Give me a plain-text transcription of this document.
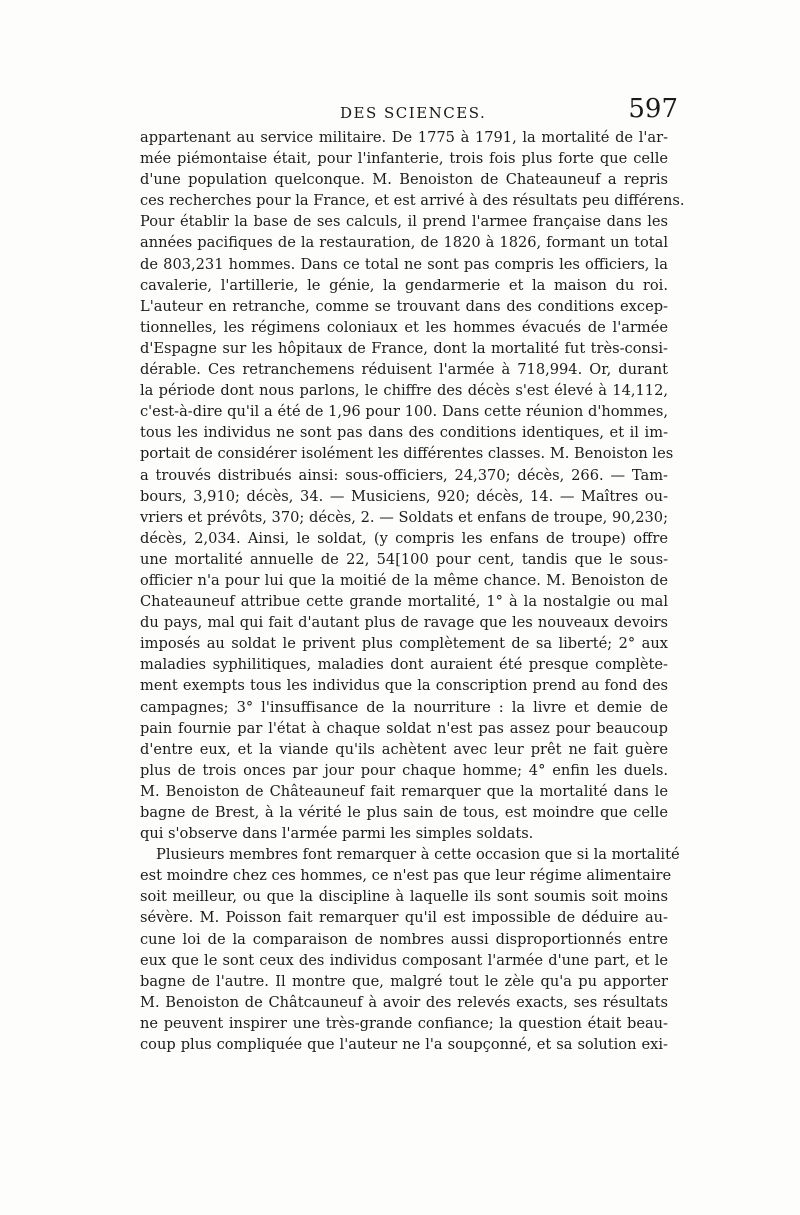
DES SCIENCES.	597
appartenant au service militaire. De 1775 à 1791, la mortalité de l'ar-
mée piémontaise était, pour l'infanterie, trois fois plus forte que celle
d'une population quelconque. M. Benoiston de Chateauneuf a repris
ces recherches pour la France, et est arrivé à des résultats peu différens.
Pour établir la base de ses calculs, il prend l'armee française dans les
années pacifiques de la restauration, de 1820 à 1826, formant un total
de 803,231 hommes. Dans ce total ne sont pas compris les officiers, la
cavalerie, l'artillerie, le génie, la gendarmerie et la maison du roi.
L'auteur en retranche, comme se trouvant dans des conditions excep-
tionnelles, les régimens coloniaux et les hommes évacués de l'armée
d'Espagne sur les hôpitaux de France, dont la mortalité fut très-consi-
dérable. Ces retranchemens réduisent l'armée à 718,994. Or, durant
la période dont nous parlons, le chiffre des décès s'est élevé à 14,112,
c'est-à-dire qu'il a été de 1,96 pour 100. Dans cette réunion d'hommes,
tous les individus ne sont pas dans des conditions identiques, et il im-
portait de considérer isolément les différentes classes. M. Benoiston les
a trouvés distribués ainsi: sous-officiers, 24,370; décès, 266. — Tam-
bours, 3,910; décès, 34. — Musiciens, 920; décès, 14. — Maîtres ou-
vriers et prévôts, 370; décès, 2. — Soldats et enfans de troupe, 90,230;
décès, 2,034. Ainsi, le soldat, (y compris les enfans de troupe) offre
une mortalité annuelle de 22, 54[100 pour cent, tandis que le sous-
officier n'a pour lui que la moitié de la même chance. M. Benoiston de
Chateauneuf attribue cette grande mortalité, 1° à la nostalgie ou mal
du pays, mal qui fait d'autant plus de ravage que les nouveaux devoirs
imposés au soldat le privent plus complètement de sa liberté; 2° aux
maladies syphilitiques, maladies dont auraient été presque complète-
ment exempts tous les individus que la conscription prend au fond des
campagnes; 3° l'insuffisance de la nourriture : la livre et demie de
pain fournie par l'état à chaque soldat n'est pas assez pour beaucoup
d'entre eux, et la viande qu'ils achètent avec leur prêt ne fait guère
plus de trois onces par jour pour chaque homme; 4° enfin les duels.
M. Benoiston de Châteauneuf fait remarquer que la mortalité dans le
bagne de Brest, à la vérité le plus sain de tous, est moindre que celle
qui s'observe dans l'armée parmi les simples soldats.
Plusieurs membres font remarquer à cette occasion que si la mortalité
est moindre chez ces hommes, ce n'est pas que leur régime alimentaire
soit meilleur, ou que la discipline à laquelle ils sont soumis soit moins
sévère. M. Poisson fait remarquer qu'il est impossible de déduire au-
cune loi de la comparaison de nombres aussi disproportionnés entre
eux que le sont ceux des individus composant l'armée d'une part, et le
bagne de l'autre. Il montre que, malgré tout le zèle qu'a pu apporter
M. Benoiston de Châtcauneuf à avoir des relevés exacts, ses résultats
ne peuvent inspirer une très-grande confiance; la question était beau-
coup plus compliquée que l'auteur ne l'a soupçonné, et sa solution exi-
